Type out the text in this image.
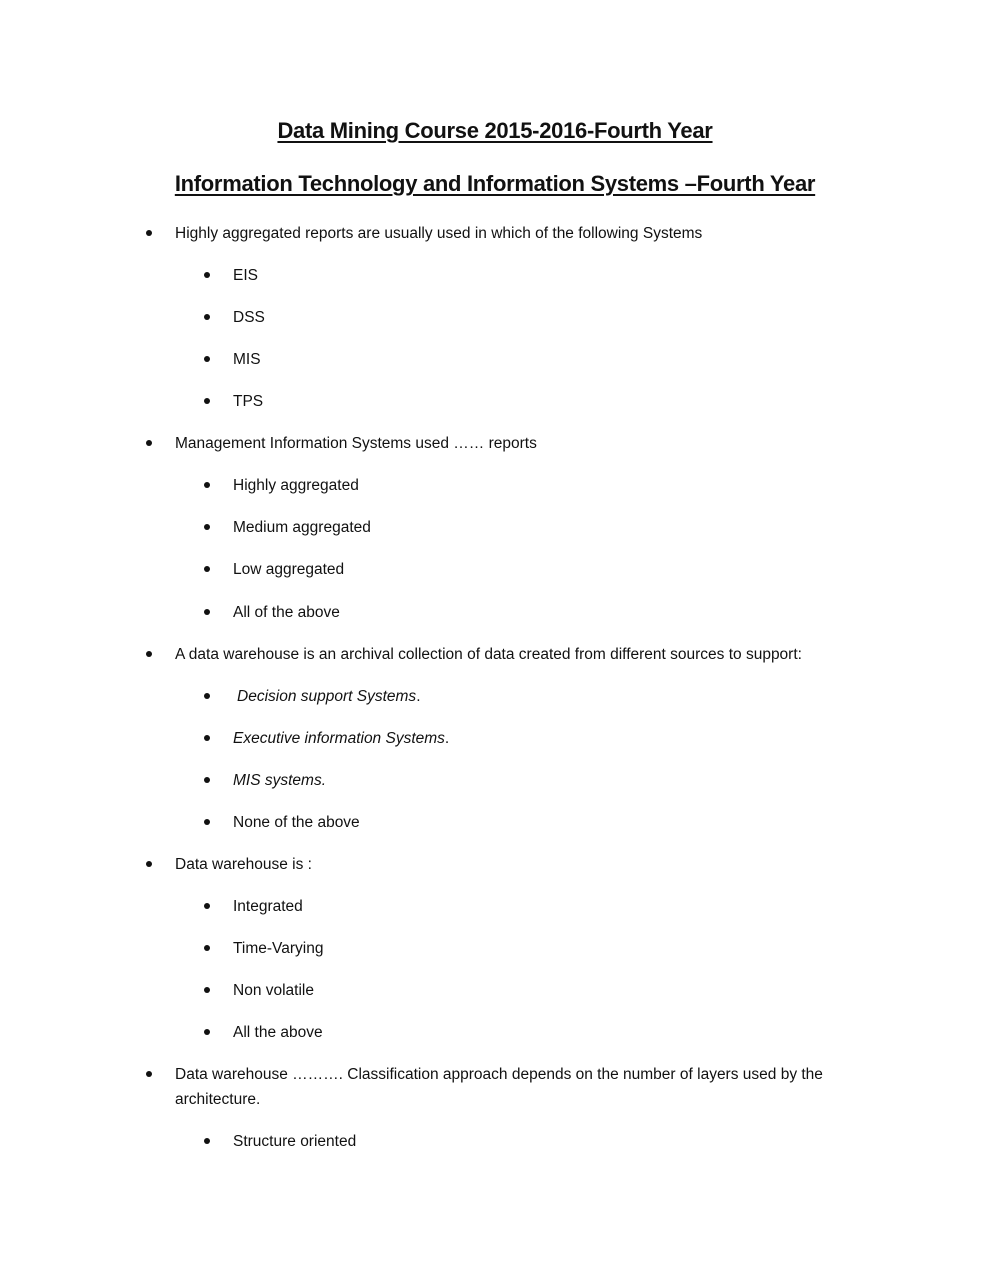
Data Mining Course 2015-2016-Fourth Year
Information Technology and Information Systems –Fourth Year
Highly aggregated reports are usually used in which of the following Systems
EIS
DSS
MIS
TPS
Management Information Systems used …… reports
Highly aggregated
Medium aggregated
Low aggregated
All of the above
A data warehouse is an archival collection of data created from different sources to support:
Decision support Systems.
Executive information Systems.
MIS systems.
None of the above
Data warehouse is :
Integrated
Time-Varying
Non volatile
All the above
Data warehouse ………. Classification approach depends on the number of layers used by the architecture.
Structure oriented
